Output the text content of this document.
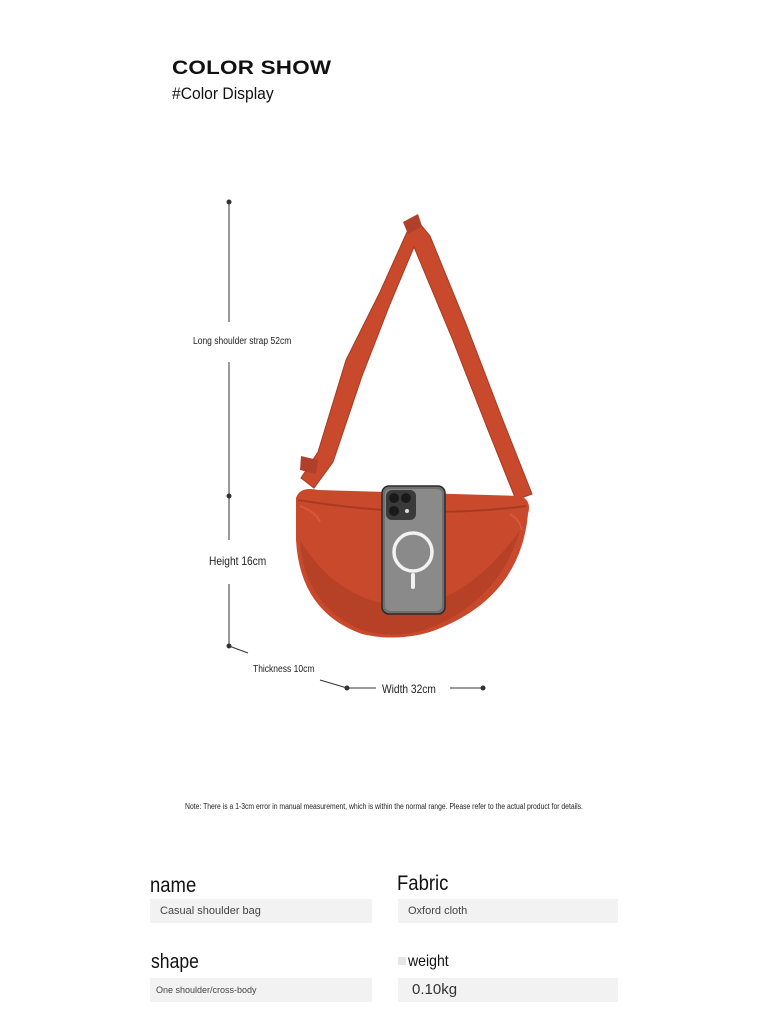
COLOR SHOW
#Color Display
Long shoulder strap 52cm
Height 16cm
Thickness 10cm
Width 32cm
Note: There is a 1-3cm error in manual measurement, which is within the normal range. Please refer to the actual product for details.
name
Casual shoulder bag
Fabric
Oxford cloth
shape
One shoulder/cross-body
weight
0.10kg
